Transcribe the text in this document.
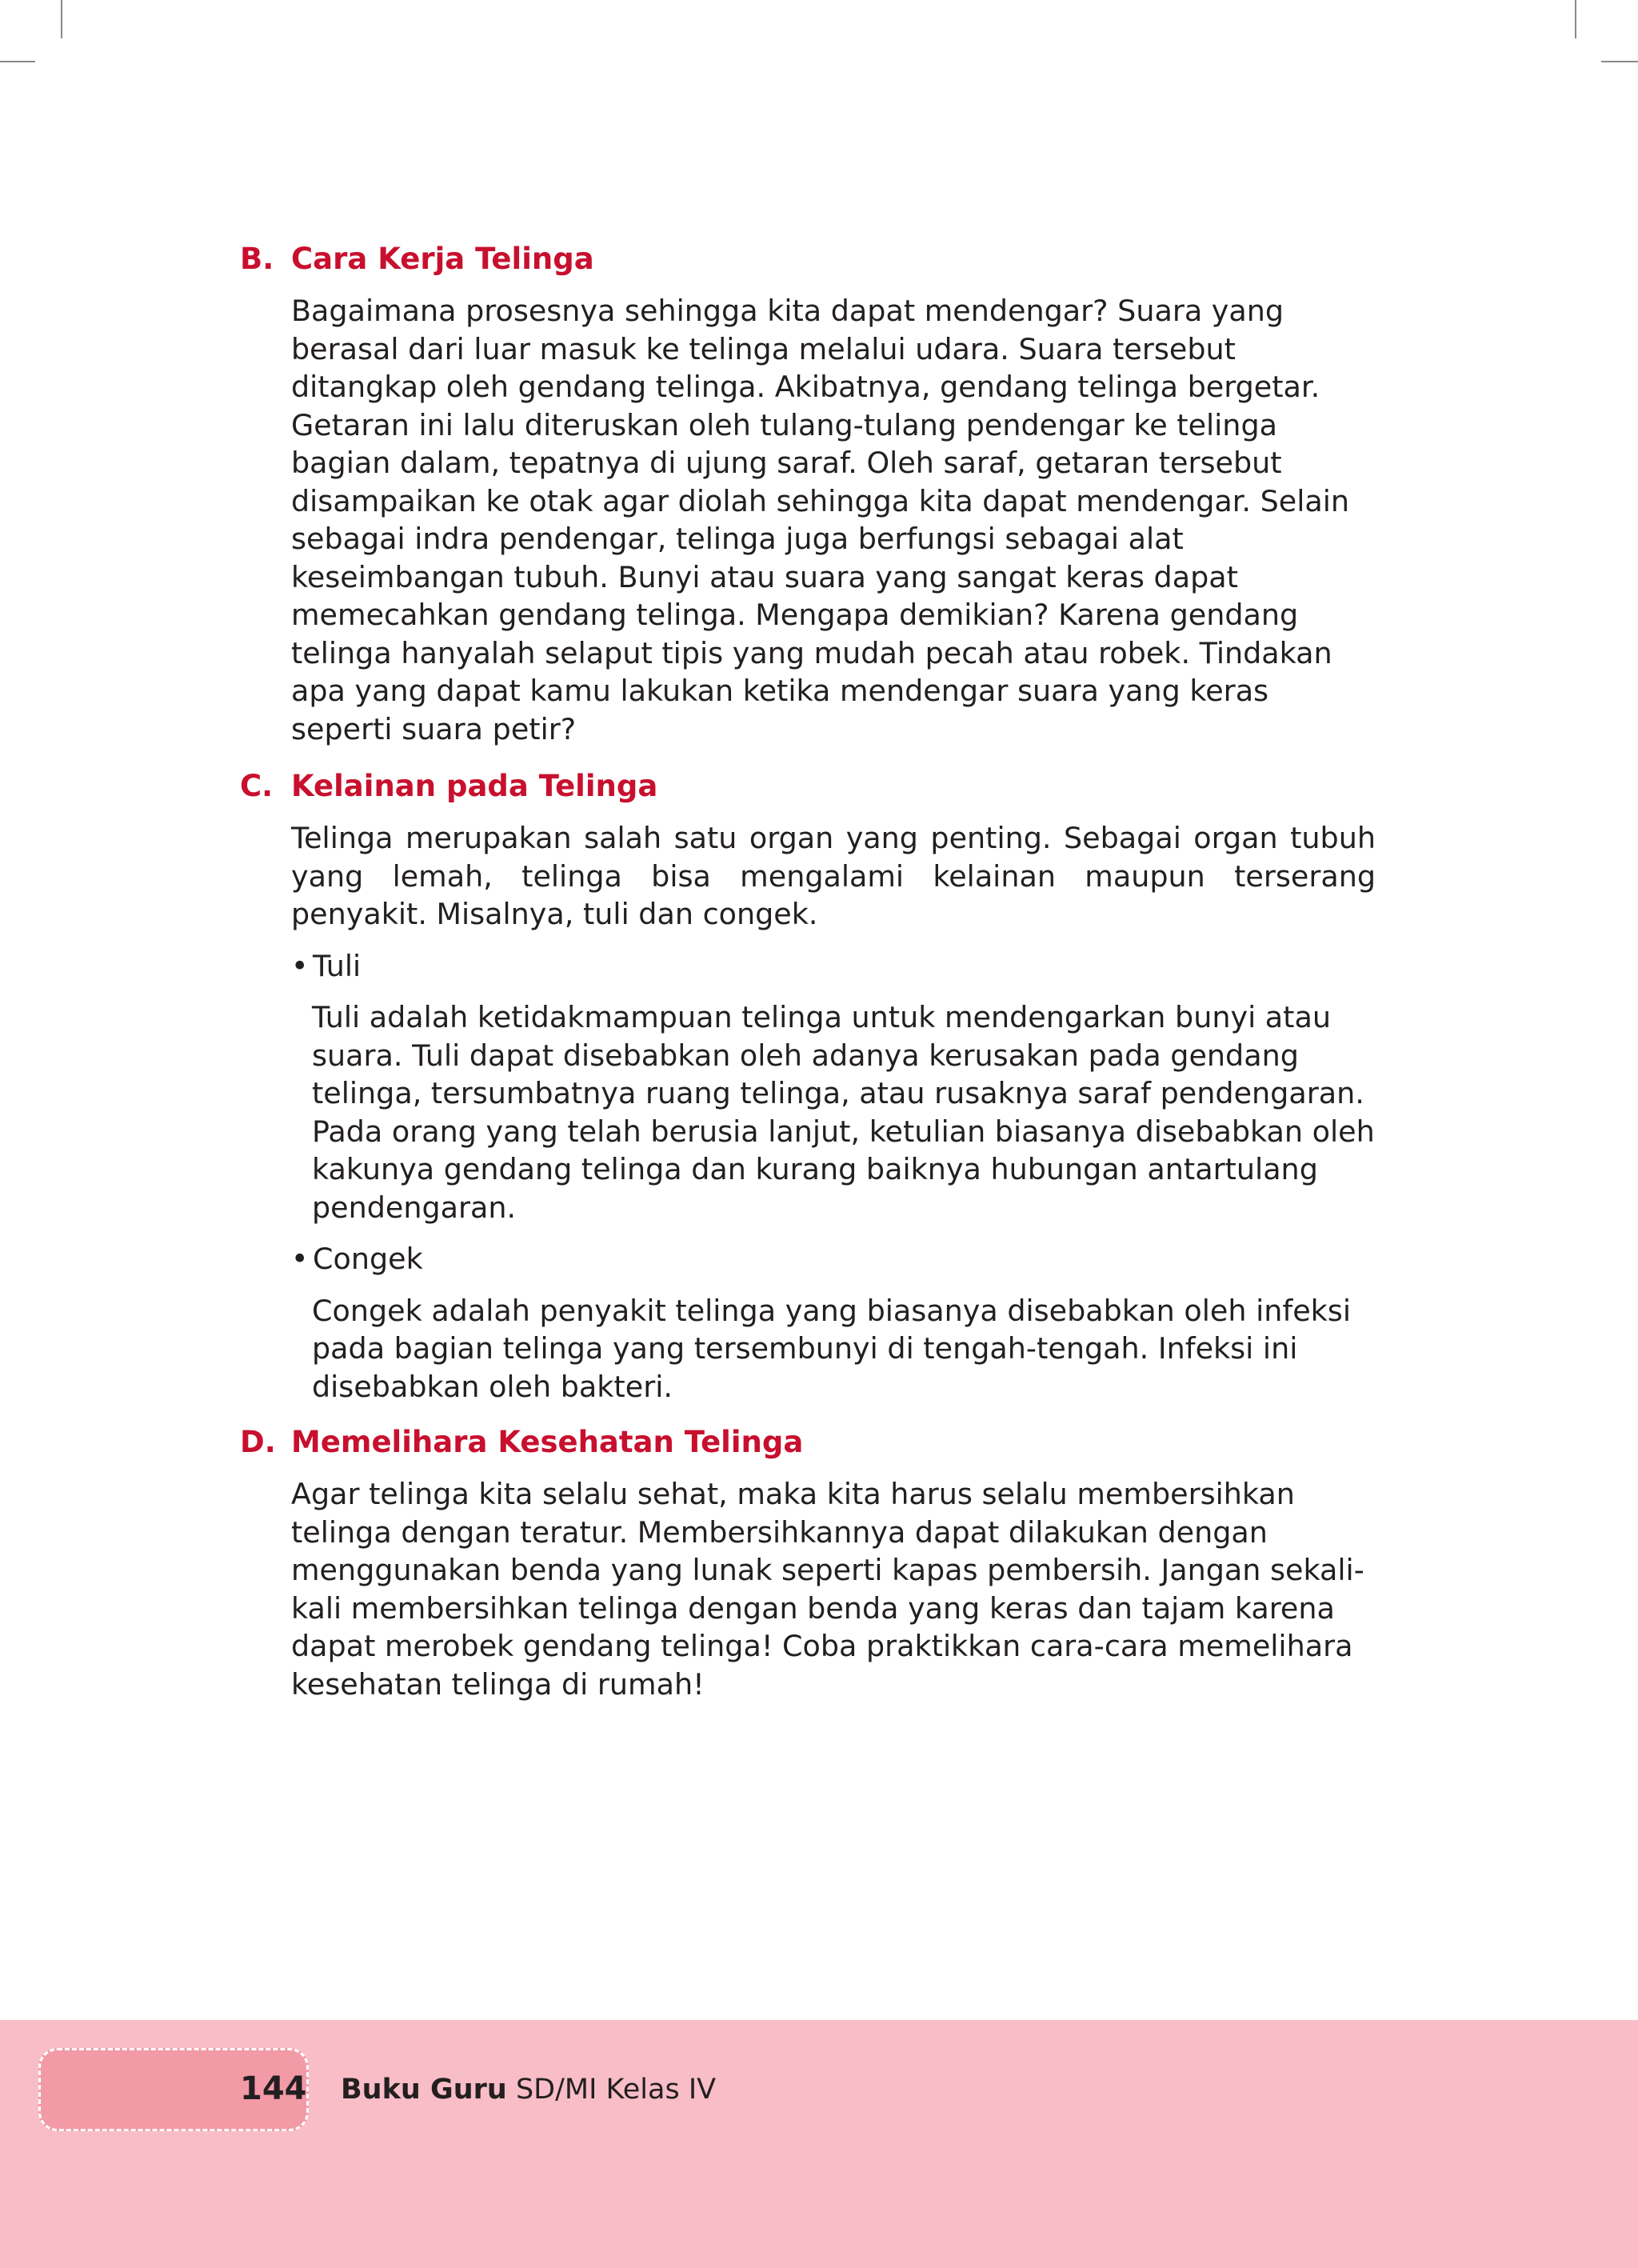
B. Cara Kerja Telinga

Bagaimana prosesnya sehingga kita dapat mendengar? Suara yang berasal dari luar masuk ke telinga melalui udara. Suara tersebut ditangkap oleh gendang telinga. Akibatnya, gendang telinga bergetar. Getaran ini lalu diteruskan oleh tulang-tulang pendengar ke telinga bagian dalam, tepatnya di ujung saraf. Oleh saraf, getaran tersebut disampaikan ke otak agar diolah sehingga kita dapat mendengar. Selain sebagai indra pendengar, telinga juga berfungsi sebagai alat keseimbangan tubuh. Bunyi atau suara yang sangat keras dapat memecahkan gendang telinga. Mengapa demikian? Karena gendang telinga hanyalah selaput tipis yang mudah pecah atau robek. Tindakan apa yang dapat kamu lakukan ketika mendengar suara yang keras seperti suara petir?

C. Kelainan pada Telinga

Telinga merupakan salah satu organ yang penting. Sebagai organ tubuh yang lemah, telinga bisa mengalami kelainan maupun terserang penyakit. Misalnya, tuli dan congek.

• Tuli

Tuli adalah ketidakmampuan telinga untuk mendengarkan bunyi atau suara. Tuli dapat disebabkan oleh adanya kerusakan pada gendang telinga, tersumbatnya ruang telinga, atau rusaknya saraf pendengaran. Pada orang yang telah berusia lanjut, ketulian biasanya disebabkan oleh kakunya gendang telinga dan kurang baiknya hubungan antartulang pendengaran.

• Congek

Congek adalah penyakit telinga yang biasanya disebabkan oleh infeksi pada bagian telinga yang tersembunyi di tengah-tengah. Infeksi ini disebabkan oleh bakteri.

D. Memelihara Kesehatan Telinga

Agar telinga kita selalu sehat, maka kita harus selalu membersihkan telinga dengan teratur. Membersihkannya dapat dilakukan dengan menggunakan benda yang lunak seperti kapas pembersih. Jangan sekali-kali membersihkan telinga dengan benda yang keras dan tajam karena dapat merobek gendang telinga! Coba praktikkan cara-cara memelihara kesehatan telinga di rumah!

144 Buku Guru SD/MI Kelas IV
